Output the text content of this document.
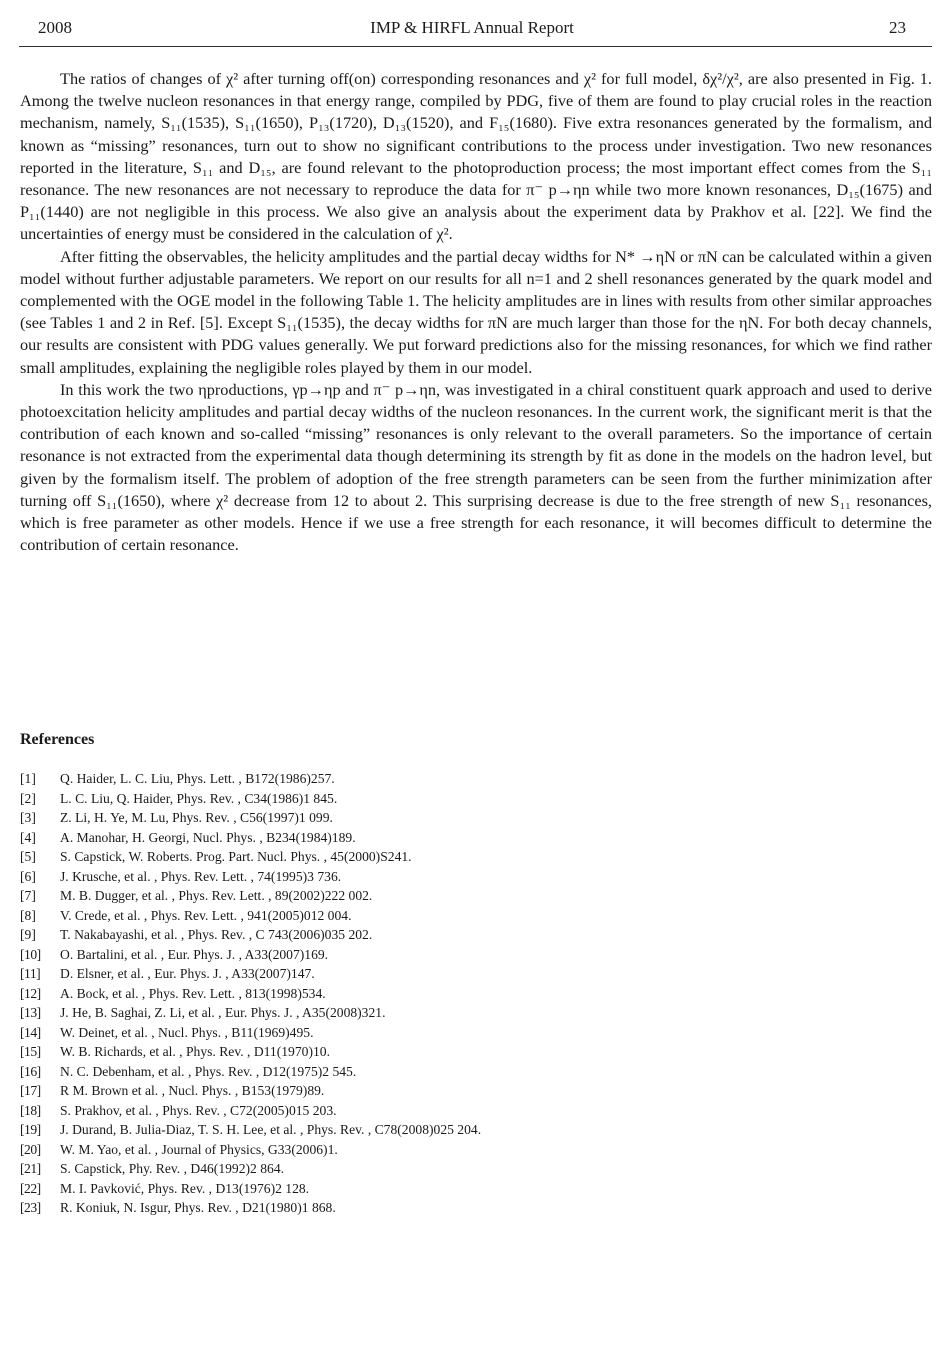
2008	IMP & HIRFL Annual Report	23

The ratios of changes of χ² after turning off(on) corresponding resonances and χ² for full model, δχ²/χ², are also presented in Fig. 1. Among the twelve nucleon resonances in that energy range, compiled by PDG, five of them are found to play crucial roles in the reaction mechanism, namely, S₁₁(1535), S₁₁(1650), P₁₃(1720), D₁₃(1520), and F₁₅(1680). Five extra resonances generated by the formalism, and known as “missing” resonances, turn out to show no significant contributions to the process under investigation. Two new resonances reported in the literature, S₁₁ and D₁₅, are found relevant to the photoproduction process; the most important effect comes from the S₁₁ resonance. The new resonances are not necessary to reproduce the data for π⁻ p→ηn while two more known resonances, D₁₅(1675) and P₁₁(1440) are not negligible in this process. We also give an analysis about the experiment data by Prakhov et al. [22]. We find the uncertainties of energy must be considered in the calculation of χ².

After fitting the observables, the helicity amplitudes and the partial decay widths for N* →ηN or πN can be calculated within a given model without further adjustable parameters. We report on our results for all n=1 and 2 shell resonances generated by the quark model and complemented with the OGE model in the following Table 1. The helicity amplitudes are in lines with results from other similar approaches (see Tables 1 and 2 in Ref. [5]. Except S₁₁(1535), the decay widths for πN are much larger than those for the ηN. For both decay channels, our results are consistent with PDG values generally. We put forward predictions also for the missing resonances, for which we find rather small amplitudes, explaining the negligible roles played by them in our model.

In this work the two ηproductions, γp→ηp and π⁻ p→ηn, was investigated in a chiral constituent quark approach and used to derive photoexcitation helicity amplitudes and partial decay widths of the nucleon resonances. In the current work, the significant merit is that the contribution of each known and so-called “missing” resonances is only relevant to the overall parameters. So the importance of certain resonance is not extracted from the experimental data though determining its strength by fit as done in the models on the hadron level, but given by the formalism itself. The problem of adoption of the free strength parameters can be seen from the further minimization after turning off S₁₁(1650), where χ² decrease from 12 to about 2. This surprising decrease is due to the free strength of new S₁₁ resonances, which is free parameter as other models. Hence if we use a free strength for each resonance, it will becomes difficult to determine the contribution of certain resonance.

References
[1]	Q. Haider, L. C. Liu, Phys. Lett. , B172(1986)257.
[2]	L. C. Liu, Q. Haider, Phys. Rev. , C34(1986)1 845.
[3]	Z. Li, H. Ye, M. Lu, Phys. Rev. , C56(1997)1 099.
[4]	A. Manohar, H. Georgi, Nucl. Phys. , B234(1984)189.
[5]	S. Capstick, W. Roberts. Prog. Part. Nucl. Phys. , 45(2000)S241.
[6]	J. Krusche, et al. , Phys. Rev. Lett. , 74(1995)3 736.
[7]	M. B. Dugger, et al. , Phys. Rev. Lett. , 89(2002)222 002.
[8]	V. Crede, et al. , Phys. Rev. Lett. , 941(2005)012 004.
[9]	T. Nakabayashi, et al. , Phys. Rev. , C 743(2006)035 202.
[10]	O. Bartalini, et al. , Eur. Phys. J. , A33(2007)169.
[11]	D. Elsner, et al. , Eur. Phys. J. , A33(2007)147.
[12]	A. Bock, et al. , Phys. Rev. Lett. , 813(1998)534.
[13]	J. He, B. Saghai, Z. Li, et al. , Eur. Phys. J. , A35(2008)321.
[14]	W. Deinet, et al. , Nucl. Phys. , B11(1969)495.
[15]	W. B. Richards, et al. , Phys. Rev. , D11(1970)10.
[16]	N. C. Debenham, et al. , Phys. Rev. , D12(1975)2 545.
[17]	R M. Brown et al. , Nucl. Phys. , B153(1979)89.
[18]	S. Prakhov, et al. , Phys. Rev. , C72(2005)015 203.
[19]	J. Durand, B. Julia-Diaz, T. S. H. Lee, et al. , Phys. Rev. , C78(2008)025 204.
[20]	W. M. Yao, et al. , Journal of Physics, G33(2006)1.
[21]	S. Capstick, Phy. Rev. , D46(1992)2 864.
[22]	M. I. Pavković, Phys. Rev. , D13(1976)2 128.
[23]	R. Koniuk, N. Isgur, Phys. Rev. , D21(1980)1 868.
